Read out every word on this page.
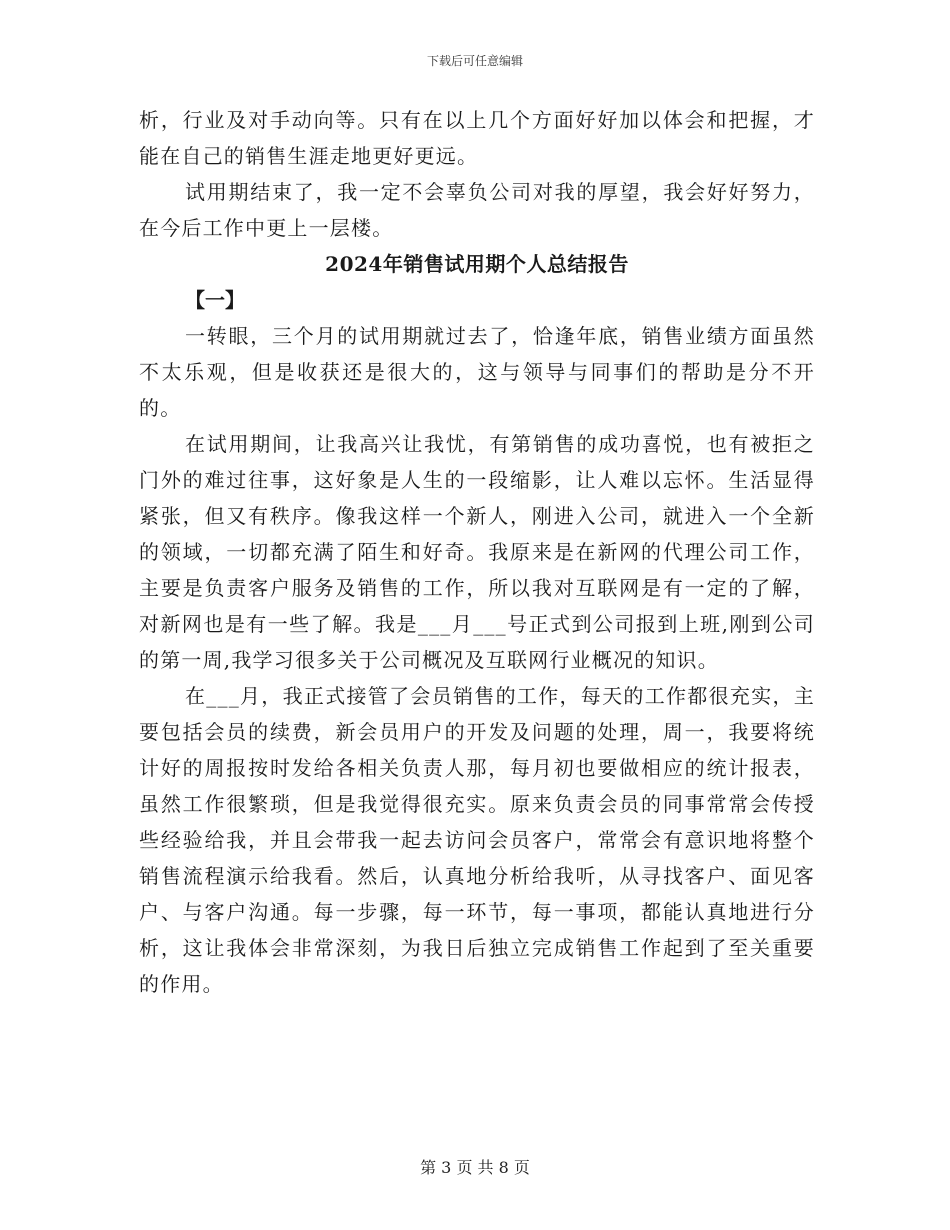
下载后可任意编辑

析，行业及对手动向等。只有在以上几个方面好好加以体会和把握，才能在自己的销售生涯走地更好更远。

试用期结束了，我一定不会辜负公司对我的厚望，我会好好努力，在今后工作中更上一层楼。

2024年销售试用期个人总结报告

【一】

一转眼，三个月的试用期就过去了，恰逢年底，销售业绩方面虽然不太乐观，但是收获还是很大的，这与领导与同事们的帮助是分不开的。

在试用期间，让我高兴让我忧，有第销售的成功喜悦，也有被拒之门外的难过往事，这好象是人生的一段缩影，让人难以忘怀。生活显得紧张，但又有秩序。像我这样一个新人，刚进入公司，就进入一个全新的领域，一切都充满了陌生和好奇。我原来是在新网的代理公司工作，主要是负责客户服务及销售的工作，所以我对互联网是有一定的了解，对新网也是有一些了解。我是___月___号正式到公司报到上班,刚到公司的第一周,我学习很多关于公司概况及互联网行业概况的知识。

在___月，我正式接管了会员销售的工作，每天的工作都很充实，主要包括会员的续费，新会员用户的开发及问题的处理，周一，我要将统计好的周报按时发给各相关负责人那，每月初也要做相应的统计报表，虽然工作很繁琐，但是我觉得很充实。原来负责会员的同事常常会传授些经验给我，并且会带我一起去访问会员客户，常常会有意识地将整个销售流程演示给我看。然后，认真地分析给我听，从寻找客户、面见客户、与客户沟通。每一步骤，每一环节，每一事项，都能认真地进行分析，这让我体会非常深刻，为我日后独立完成销售工作起到了至关重要的作用。

第 3 页 共 8 页
